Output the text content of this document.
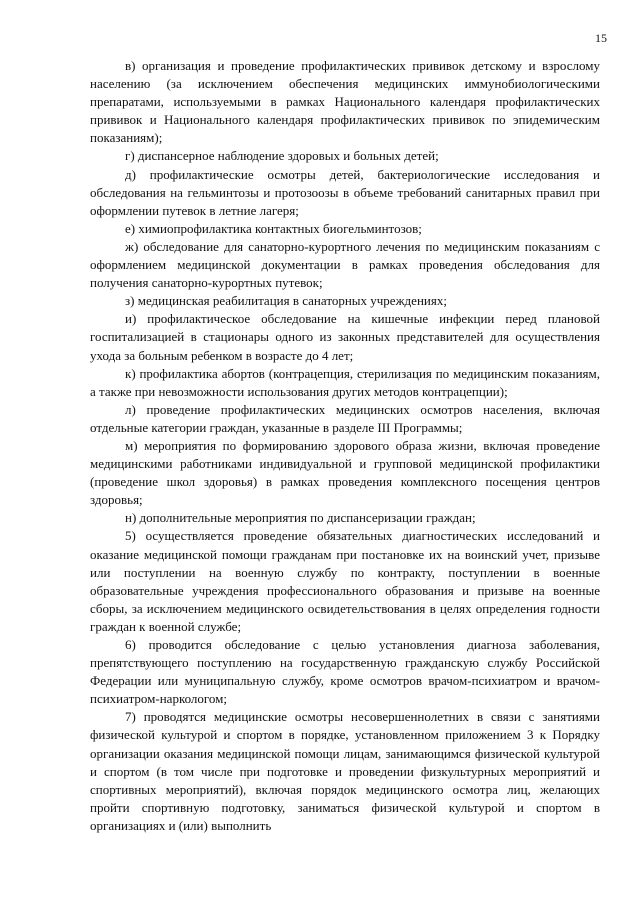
15

в) организация и проведение профилактических прививок детскому и взрослому населению (за исключением обеспечения медицинских иммунобиологическими препаратами, используемыми в рамках Национального календаря профилактических прививок и Национального календаря профилактических прививок по эпидемическим показаниям);

г) диспансерное наблюдение здоровых и больных детей;

д) профилактические осмотры детей, бактериологические исследования и обследования на гельминтозы и протозоозы в объеме требований санитарных правил при оформлении путевок в летние лагеря;

е) химиопрофилактика контактных биогельминтозов;

ж) обследование для санаторно-курортного лечения по медицинским показаниям с оформлением медицинской документации в рамках проведения обследования для получения санаторно-курортных путевок;

з) медицинская реабилитация в санаторных учреждениях;

и) профилактическое обследование на кишечные инфекции перед плановой госпитализацией в стационары одного из законных представителей для осуществления ухода за больным ребенком в возрасте до 4 лет;

к) профилактика абортов (контрацепция, стерилизация по медицинским показаниям, а также при невозможности использования других методов контрацепции);

л) проведение профилактических медицинских осмотров населения, включая отдельные категории граждан, указанные в разделе III Программы;

м) мероприятия по формированию здорового образа жизни, включая проведение медицинскими работниками индивидуальной и групповой медицинской профилактики (проведение школ здоровья) в рамках проведения комплексного посещения центров здоровья;

н) дополнительные мероприятия по диспансеризации граждан;

5) осуществляется проведение обязательных диагностических исследований и оказание медицинской помощи гражданам при постановке их на воинский учет, призыве или поступлении на военную службу по контракту, поступлении в военные образовательные учреждения профессионального образования и призыве на военные сборы, за исключением медицинского освидетельствования в целях определения годности граждан к военной службе;

6) проводится обследование с целью установления диагноза заболевания, препятствующего поступлению на государственную гражданскую службу Российской Федерации или муниципальную службу, кроме осмотров врачом-психиатром и врачом-психиатром-наркологом;

7) проводятся медицинские осмотры несовершеннолетних в связи с занятиями физической культурой и спортом в порядке, установленном приложением 3 к Порядку организации оказания медицинской помощи лицам, занимающимся физической культурой и спортом (в том числе при подготовке и проведении физкультурных мероприятий и спортивных мероприятий), включая порядок медицинского осмотра лиц, желающих пройти спортивную подготовку, заниматься физической культурой и спортом в организациях и (или) выполнить
